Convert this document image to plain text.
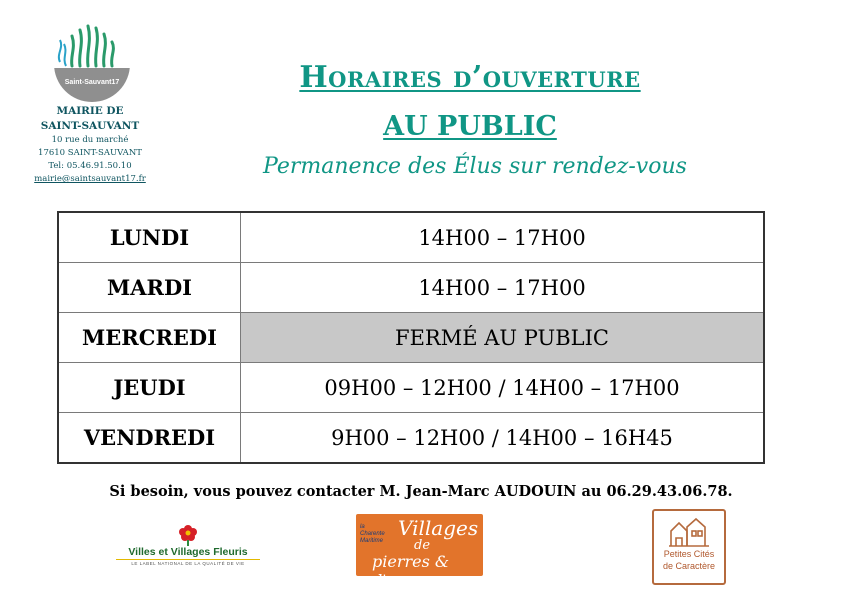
Saint-Sauvant17
MAIRIE DE
SAINT-SAUVANT
10 rue du marché
17610 SAINT-SAUVANT
Tel: 05.46.91.50.10
mairie@saintsauvant17.fr
Horaires d’ouverture
AU PUBLIC
Permanence des Élus sur rendez-vous
LUNDI	14H00 – 17H00
MARDI	14H00 – 17H00
MERCREDI	FERMÉ AU PUBLIC
JEUDI	09H00 – 12H00 / 14H00 – 17H00
VENDREDI	9H00 – 12H00 / 14H00 – 16H45
Si besoin, vous pouvez contacter M. Jean-Marc AUDOUIN au 06.29.43.06.78.
Villes et Villages Fleuris
LE LABEL NATIONAL DE LA QUALITÉ DE VIE
la
Charente
Maritime
Villages
de
pierres & d'eau
Petites Cités
de Caractère
